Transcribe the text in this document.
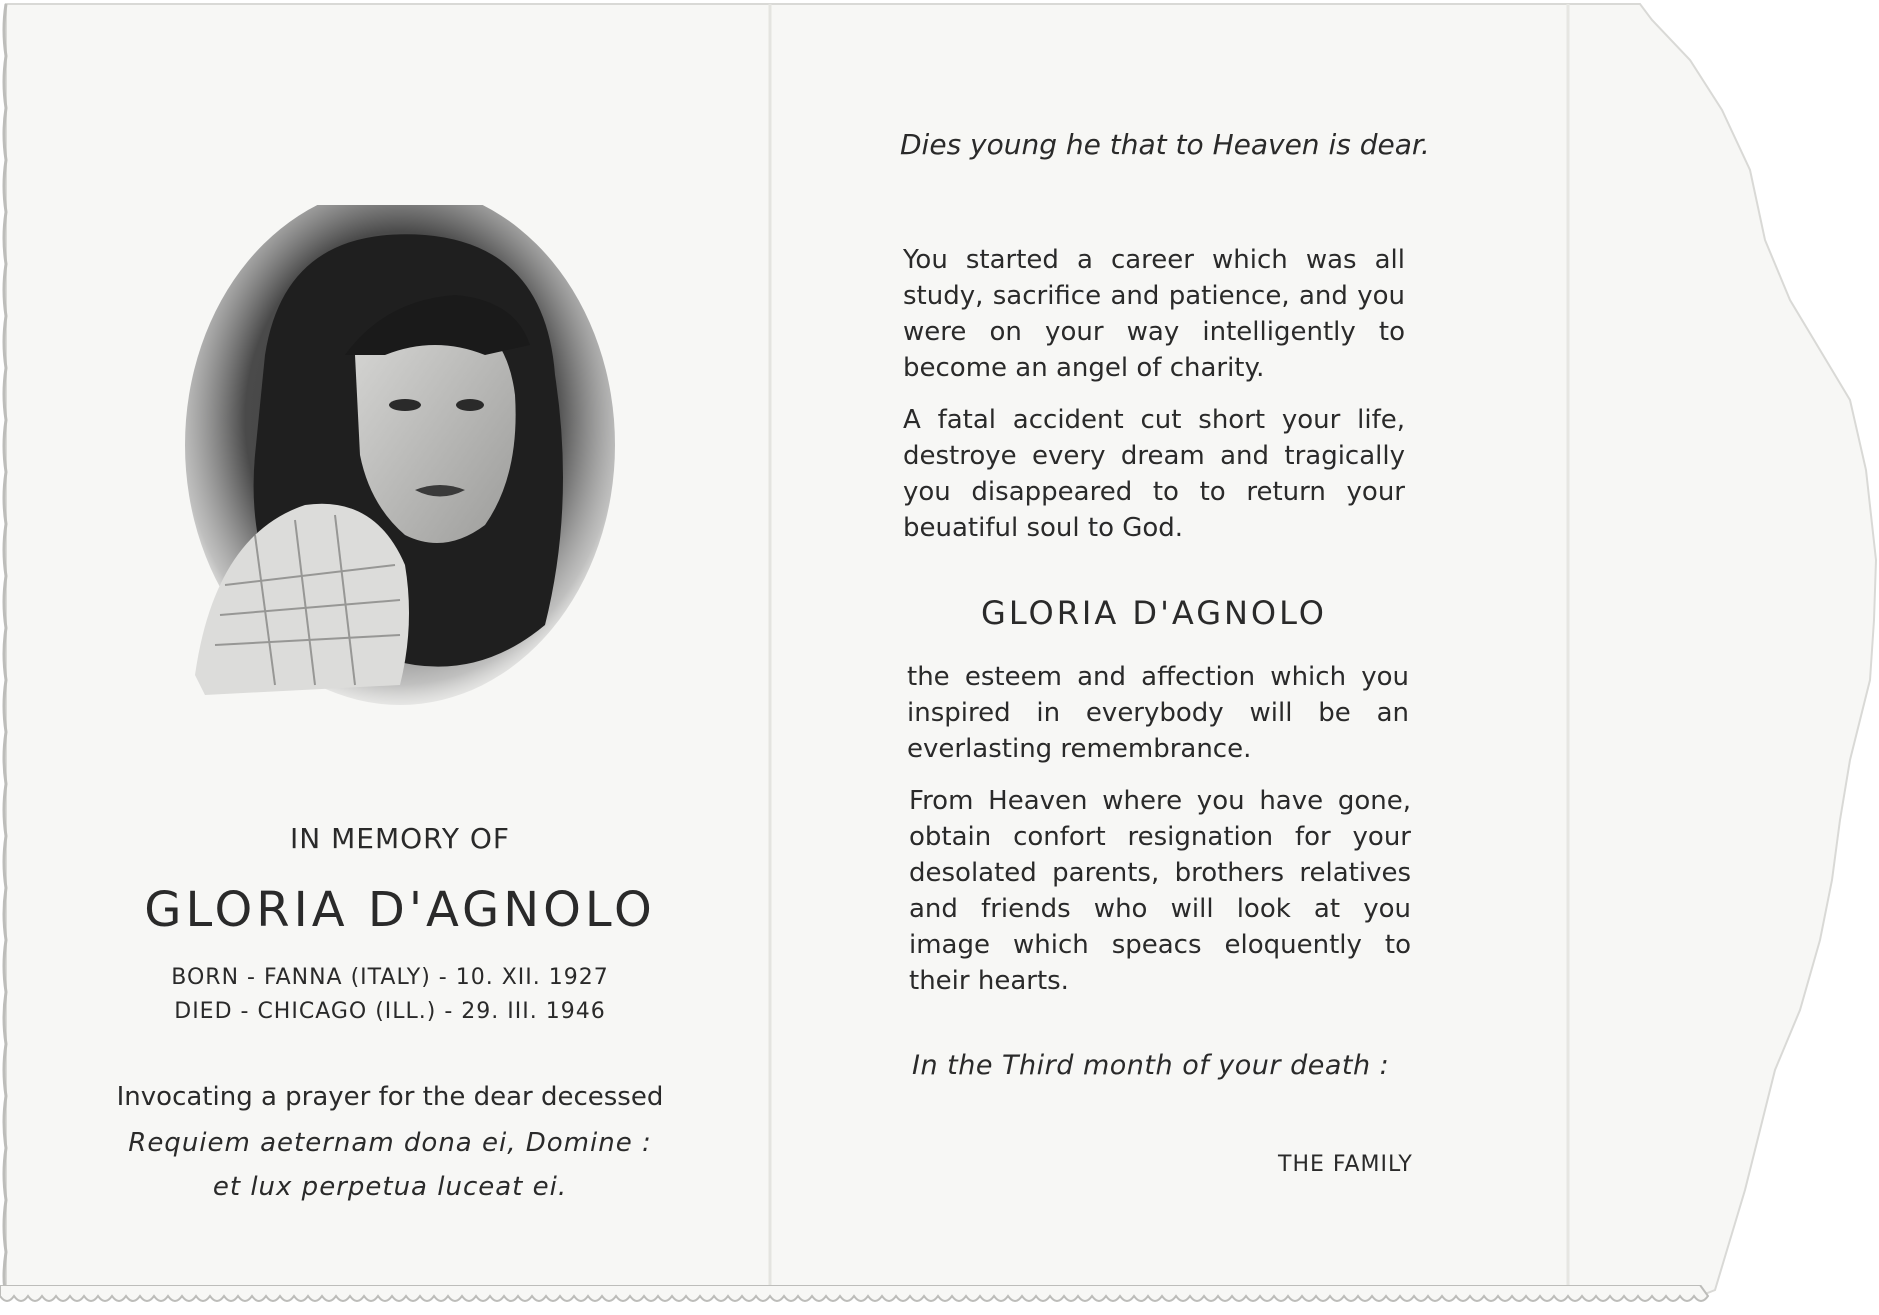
IN MEMORY OF

GLORIA D'AGNOLO

BORN - FANNA (ITALY) - 10. XII. 1927

DIED - CHICAGO (ILL.) - 29. III. 1946

Invocating a prayer for the dear decessed

Requiem aeternam dona ei, Domine :

et lux perpetua luceat ei.

Dies young he that to Heaven is dear.

You started a career which was all
study, sacrifice and patience, and you
were on your way intelligently to
become an angel of charity.
A fatal accident cut short your life,
destroye every dream and tragically
you disappeared to to return your
beuatiful soul to God.

GLORIA D'AGNOLO

the esteem and affection which you
inspired in everybody will be an
everlasting remembrance.
From Heaven where you have gone,
obtain confort resignation for your
desolated parents, brothers relatives
and friends who will look at you
image which speacs eloquently to
their hearts.

In the Third month of your death :

THE FAMILY
